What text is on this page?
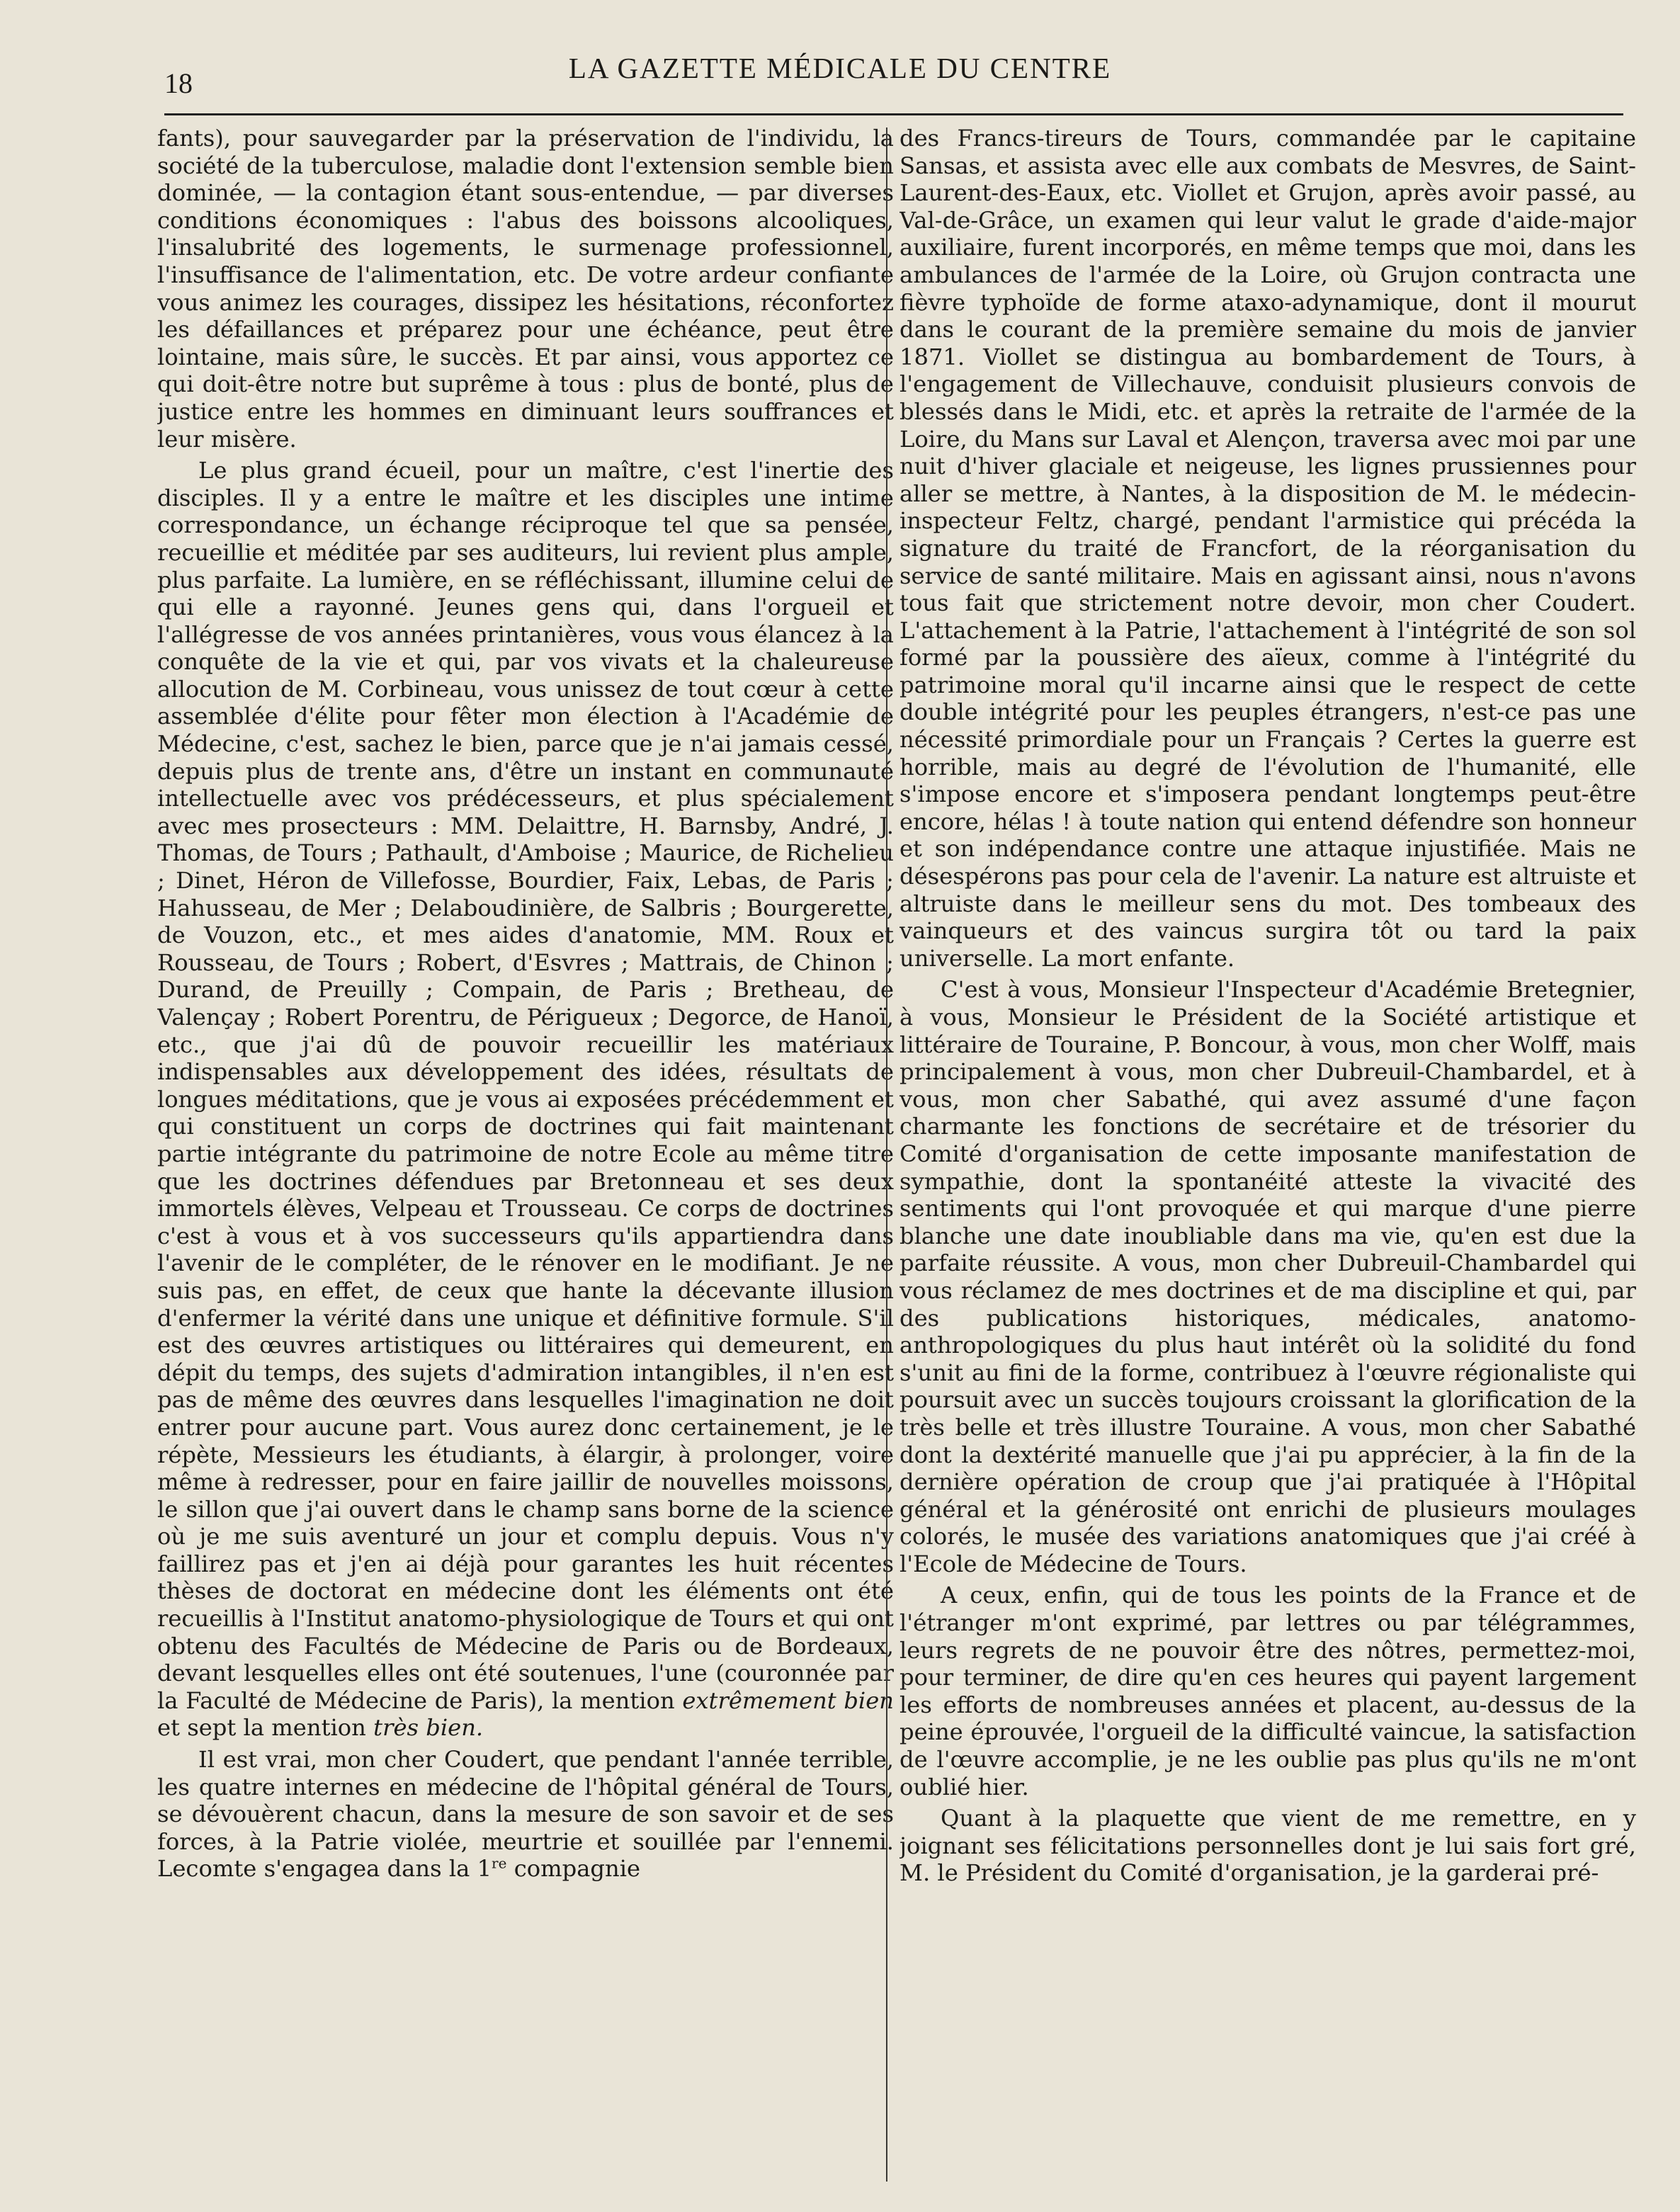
18	LA GAZETTE MÉDICALE DU CENTRE

fants), pour sauvegarder par la préservation de l'individu, la société de la tuberculose, maladie dont l'extension semble bien dominée, — la contagion étant sous-entendue, — par diverses conditions économiques : l'abus des boissons alcooliques, l'insalubrité des logements, le surmenage professionnel, l'insuffisance de l'alimentation, etc. De votre ardeur confiante vous animez les courages, dissipez les hésitations, réconfortez les défaillances et préparez pour une échéance, peut être lointaine, mais sûre, le succès. Et par ainsi, vous apportez ce qui doit-être notre but suprême à tous : plus de bonté, plus de justice entre les hommes en diminuant leurs souffrances et leur misère.

Le plus grand écueil, pour un maître, c'est l'inertie des disciples. Il y a entre le maître et les disciples une intime correspondance, un échange réciproque tel que sa pensée, recueillie et méditée par ses auditeurs, lui revient plus ample, plus parfaite. La lumière, en se réfléchissant, illumine celui de qui elle a rayonné. Jeunes gens qui, dans l'orgueil et l'allégresse de vos années printanières, vous vous élancez à la conquête de la vie et qui, par vos vivats et la chaleureuse allocution de M. Corbineau, vous unissez de tout cœur à cette assemblée d'élite pour fêter mon élection à l'Académie de Médecine, c'est, sachez le bien, parce que je n'ai jamais cessé, depuis plus de trente ans, d'être un instant en communauté intellectuelle avec vos prédécesseurs, et plus spécialement avec mes prosecteurs : MM. Delaittre, H. Barnsby, André, J. Thomas, de Tours ; Pathault, d'Amboise ; Maurice, de Richelieu ; Dinet, Héron de Villefosse, Bourdier, Faix, Lebas, de Paris ; Hahusseau, de Mer ; Delaboudinière, de Salbris ; Bourgerette, de Vouzon, etc., et mes aides d'anatomie, MM. Roux et Rousseau, de Tours ; Robert, d'Esvres ; Mattrais, de Chinon ; Durand, de Preuilly ; Compain, de Paris ; Bretheau, de Valençay ; Robert Porentru, de Périgueux ; Degorce, de Hanoï, etc., que j'ai dû de pouvoir recueillir les matériaux indispensables aux développement des idées, résultats de longues méditations, que je vous ai exposées précédemment et qui constituent un corps de doctrines qui fait maintenant partie intégrante du patrimoine de notre Ecole au même titre que les doctrines défendues par Bretonneau et ses deux immortels élèves, Velpeau et Trousseau. Ce corps de doctrines c'est à vous et à vos successeurs qu'ils appartiendra dans l'avenir de le compléter, de le rénover en le modifiant. Je ne suis pas, en effet, de ceux que hante la décevante illusion d'enfermer la vérité dans une unique et définitive formule. S'il est des œuvres artistiques ou littéraires qui demeurent, en dépit du temps, des sujets d'admiration intangibles, il n'en est pas de même des œuvres dans lesquelles l'imagination ne doit entrer pour aucune part. Vous aurez donc certainement, je le répète, Messieurs les étudiants, à élargir, à prolonger, voire même à redresser, pour en faire jaillir de nouvelles moissons, le sillon que j'ai ouvert dans le champ sans borne de la science où je me suis aventuré un jour et complu depuis. Vous n'y faillirez pas et j'en ai déjà pour garantes les huit récentes thèses de doctorat en médecine dont les éléments ont été recueillis à l'Institut anatomo-physiologique de Tours et qui ont obtenu des Facultés de Médecine de Paris ou de Bordeaux, devant lesquelles elles ont été soutenues, l'une (couronnée par la Faculté de Médecine de Paris), la mention extrêmement bien et sept la mention très bien.

Il est vrai, mon cher Coudert, que pendant l'année terrible, les quatre internes en médecine de l'hôpital général de Tours, se dévouèrent chacun, dans la mesure de son savoir et de ses forces, à la Patrie violée, meurtrie et souillée par l'ennemi. Lecomte s'engagea dans la 1re compagnie

des Francs-tireurs de Tours, commandée par le capitaine Sansas, et assista avec elle aux combats de Mesvres, de Saint-Laurent-des-Eaux, etc. Viollet et Grujon, après avoir passé, au Val-de-Grâce, un examen qui leur valut le grade d'aide-major auxiliaire, furent incorporés, en même temps que moi, dans les ambulances de l'armée de la Loire, où Grujon contracta une fièvre typhoïde de forme ataxo-adynamique, dont il mourut dans le courant de la première semaine du mois de janvier 1871. Viollet se distingua au bombardement de Tours, à l'engagement de Villechauve, conduisit plusieurs convois de blessés dans le Midi, etc. et après la retraite de l'armée de la Loire, du Mans sur Laval et Alençon, traversa avec moi par une nuit d'hiver glaciale et neigeuse, les lignes prussiennes pour aller se mettre, à Nantes, à la disposition de M. le médecin-inspecteur Feltz, chargé, pendant l'armistice qui précéda la signature du traité de Francfort, de la réorganisation du service de santé militaire. Mais en agissant ainsi, nous n'avons tous fait que strictement notre devoir, mon cher Coudert. L'attachement à la Patrie, l'attachement à l'intégrité de son sol formé par la poussière des aïeux, comme à l'intégrité du patrimoine moral qu'il incarne ainsi que le respect de cette double intégrité pour les peuples étrangers, n'est-ce pas une nécessité primordiale pour un Français ? Certes la guerre est horrible, mais au degré de l'évolution de l'humanité, elle s'impose encore et s'imposera pendant longtemps peut-être encore, hélas ! à toute nation qui entend défendre son honneur et son indépendance contre une attaque injustifiée. Mais ne désespérons pas pour cela de l'avenir. La nature est altruiste et altruiste dans le meilleur sens du mot. Des tombeaux des vainqueurs et des vaincus surgira tôt ou tard la paix universelle. La mort enfante.

C'est à vous, Monsieur l'Inspecteur d'Académie Bretegnier, à vous, Monsieur le Président de la Société artistique et littéraire de Touraine, P. Boncour, à vous, mon cher Wolff, mais principalement à vous, mon cher Dubreuil-Chambardel, et à vous, mon cher Sabathé, qui avez assumé d'une façon charmante les fonctions de secrétaire et de trésorier du Comité d'organisation de cette imposante manifestation de sympathie, dont la spontanéité atteste la vivacité des sentiments qui l'ont provoquée et qui marque d'une pierre blanche une date inoubliable dans ma vie, qu'en est due la parfaite réussite. A vous, mon cher Dubreuil-Chambardel qui vous réclamez de mes doctrines et de ma discipline et qui, par des publications historiques, médicales, anatomo-anthropologiques du plus haut intérêt où la solidité du fond s'unit au fini de la forme, contribuez à l'œuvre régionaliste qui poursuit avec un succès toujours croissant la glorification de la très belle et très illustre Touraine. A vous, mon cher Sabathé dont la dextérité manuelle que j'ai pu apprécier, à la fin de la dernière opération de croup que j'ai pratiquée à l'Hôpital général et la générosité ont enrichi de plusieurs moulages colorés, le musée des variations anatomiques que j'ai créé à l'Ecole de Médecine de Tours.

A ceux, enfin, qui de tous les points de la France et de l'étranger m'ont exprimé, par lettres ou par télégrammes, leurs regrets de ne pouvoir être des nôtres, permettez-moi, pour terminer, de dire qu'en ces heures qui payent largement les efforts de nombreuses années et placent, au-dessus de la peine éprouvée, l'orgueil de la difficulté vaincue, la satisfaction de l'œuvre accomplie, je ne les oublie pas plus qu'ils ne m'ont oublié hier.

Quant à la plaquette que vient de me remettre, en y joignant ses félicitations personnelles dont je lui sais fort gré, M. le Président du Comité d'organisation, je la garderai pré-
